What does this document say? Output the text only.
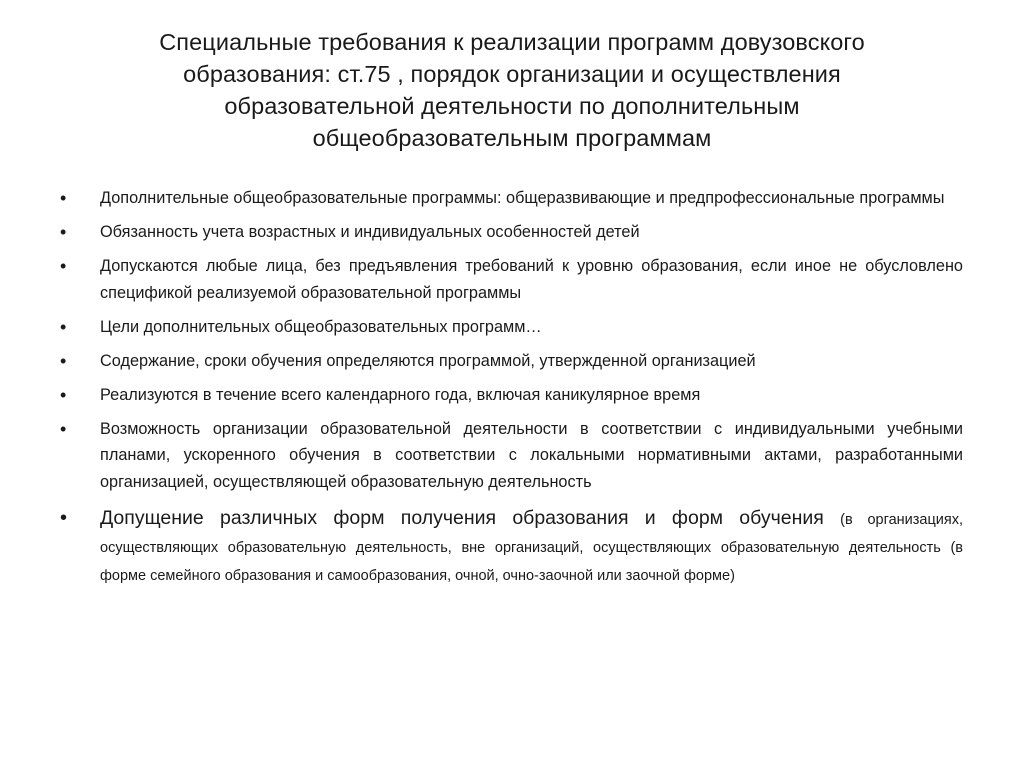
Специальные требования к реализации программ довузовского
образования: ст.75 , порядок организации и осуществления
образовательной деятельности по дополнительным
общеобразовательным программам
• Дополнительные общеобразовательные программы: общеразвивающие и предпрофессиональные программы
• Обязанность учета возрастных и индивидуальных особенностей детей
• Допускаются любые лица, без предъявления требований к уровню образования, если иное не обусловлено спецификой реализуемой образовательной программы
• Цели дополнительных общеобразовательных программ…
• Содержание, сроки обучения определяются программой, утвержденной организацией
• Реализуются в течение всего календарного года, включая каникулярное время
• Возможность организации образовательной деятельности в соответствии с индивидуальными учебными планами, ускоренного обучения в соответствии с локальными нормативными актами, разработанными организацией, осуществляющей образовательную деятельность
• Допущение различных форм получения образования и форм обучения (в организациях, осуществляющих образовательную деятельность, вне организаций, осуществляющих образовательную деятельность (в форме семейного образования и самообразования, очной, очно-заочной или заочной форме)
